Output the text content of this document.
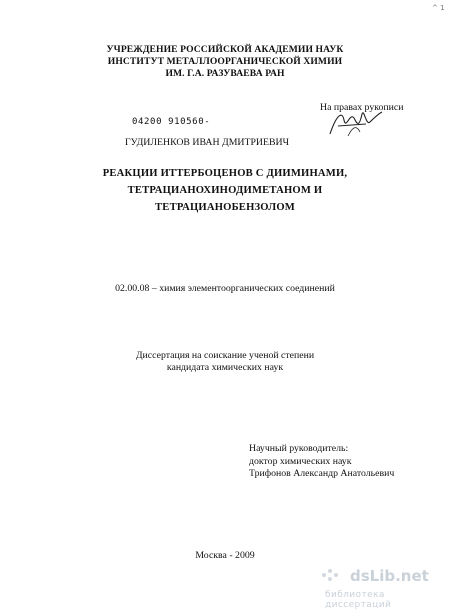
^ 1
УЧРЕЖДЕНИЕ РОССИЙСКОЙ АКАДЕМИИ НАУК
ИНСТИТУТ МЕТАЛЛООРГАНИЧЕСКОЙ ХИМИИ
ИМ. Г.А. РАЗУВАЕВА РАН
На правах рукописи
04200 910560-
ГУДИЛЕНКОВ ИВАН ДМИТРИЕВИЧ
РЕАКЦИИ ИТТЕРБОЦЕНОВ С ДИИМИНАМИ,
ТЕТРАЦИАНОХИНОДИМЕТАНОМ И
ТЕТРАЦИАНОБЕНЗОЛОМ
02.00.08 – химия элементоорганических соединений
Диссертация на соискание ученой степени
кандидата химических наук
Научный руководитель:
доктор химических наук
Трифонов Александр Анатольевич
Москва - 2009
dsLib.net
библиотека диссертаций
